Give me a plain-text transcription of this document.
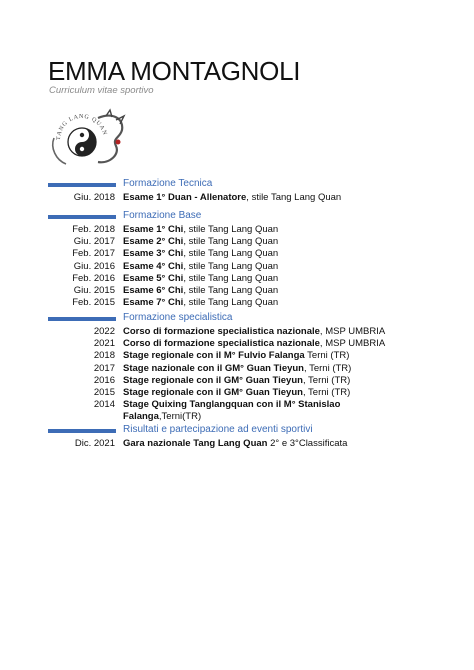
EMMA MONTAGNOLI
Curriculum vitae sportivo
TANG LANG QUAN
Formazione Tecnica
Giu. 2018 Esame 1° Duan - Allenatore, stile Tang Lang Quan
Formazione Base
Feb. 2018 Esame 1° Chi, stile Tang Lang Quan
Giu. 2017 Esame 2° Chi, stile Tang Lang Quan
Feb. 2017 Esame 3° Chi, stile Tang Lang Quan
Giu. 2016 Esame 4° Chi, stile Tang Lang Quan
Feb. 2016 Esame 5° Chi, stile Tang Lang Quan
Giu. 2015 Esame 6° Chi, stile Tang Lang Quan
Feb. 2015 Esame 7° Chi, stile Tang Lang Quan
Formazione specialistica
2022 Corso di formazione specialistica nazionale, MSP UMBRIA
2021 Corso di formazione specialistica nazionale, MSP UMBRIA
2018 Stage regionale con il M° Fulvio Falanga Terni (TR)
2017 Stage nazionale con il GM° Guan Tieyun, Terni (TR)
2016 Stage regionale con il GM° Guan Tieyun, Terni (TR)
2015 Stage regionale con il GM° Guan Tieyun, Terni (TR)
2014 Stage Quixing Tanglangquan con il M° Stanislao Falanga,Terni(TR)
Risultati e partecipazione ad eventi sportivi
Dic. 2021 Gara nazionale Tang Lang Quan 2° e 3°Classificata
